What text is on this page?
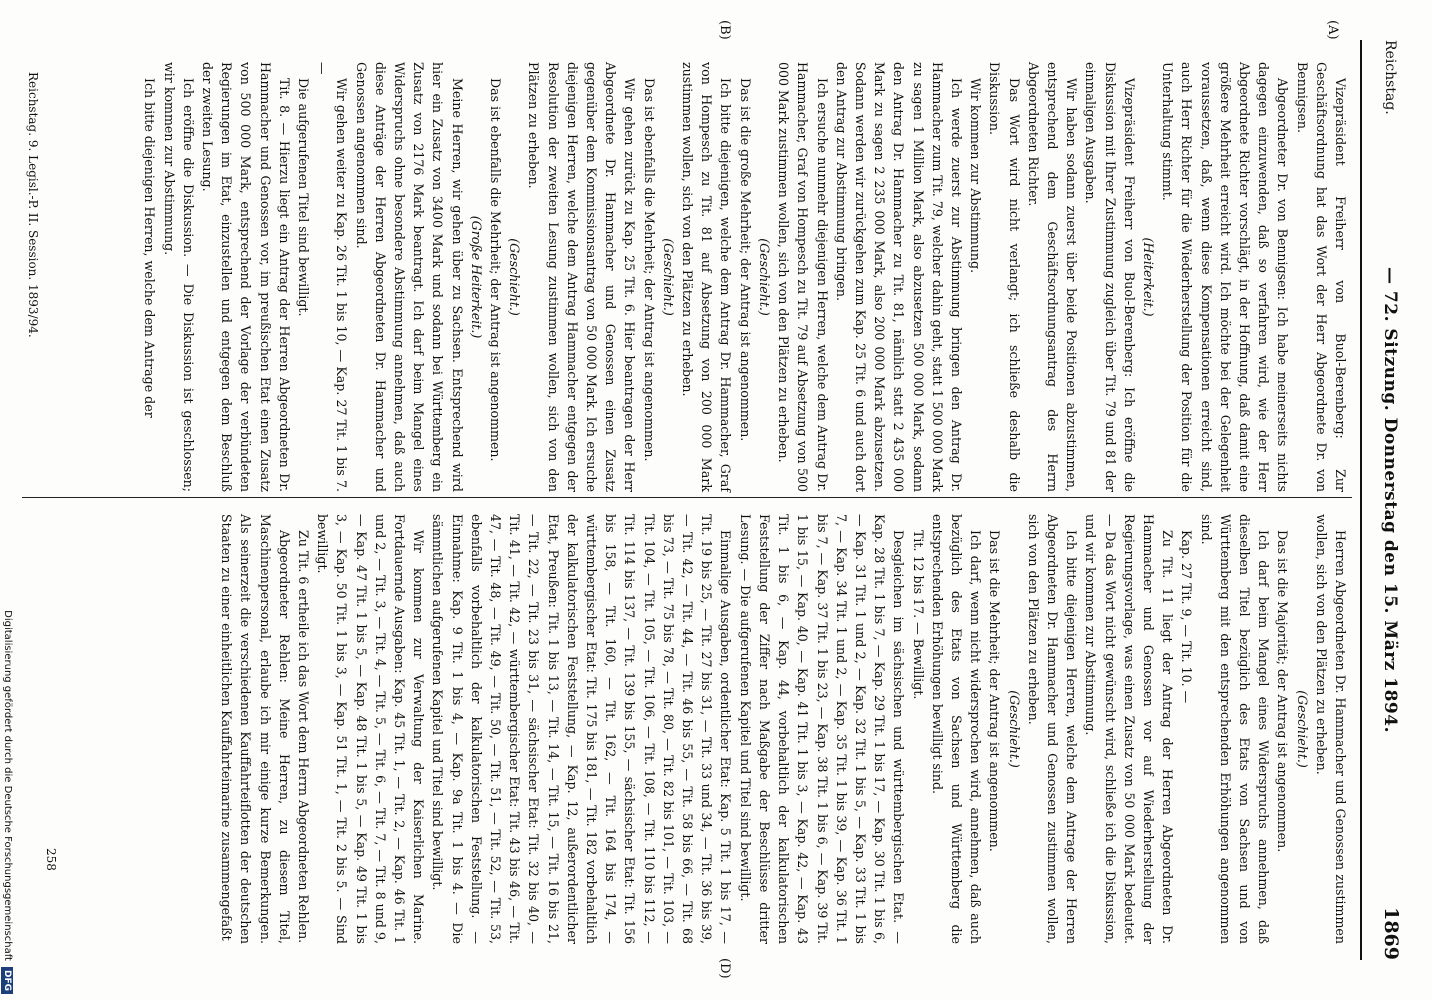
Reichstag.
— 72. Sitzung. Donnerstag den 15. März 1894.
1869
(A)
(B)
(D)

Vizepräsident Freiherr von Buol-Berenberg: Zur Geschäftsordnung hat das Wort der Herr Abgeordnete Dr. von Bennigsen.

Abgeordneter Dr. von Bennigsen: Ich habe meinerseits nichts dagegen einzuwenden, daß so verfahren wird, wie der Herr Abgeordnete Richter vorschlägt, in der Hoffnung, daß damit eine größere Mehrheit erreicht wird. Ich möchte bei der Gelegenheit voraussetzen, daß, wenn diese Kompensationen erreicht sind, auch Herr Richter für die Wiederherstellung der Position für die Unterhaltung stimmt.

(Heiterkeit.)

Vizepräsident Freiherr von Buol-Berenberg: Ich eröffne die Diskussion mit Ihrer Zustimmung zugleich über Tit. 79 und 81 der einmaligen Ausgaben.

Wir haben sodann zuerst über beide Positionen abzustimmen, entsprechend dem Geschäftsordnungsantrag des Herrn Abgeordneten Richter.

Das Wort wird nicht verlangt; ich schließe deshalb die Diskussion.

Wir kommen zur Abstimmung.

Ich werde zuerst zur Abstimmung bringen den Antrag Dr. Hammacher zum Tit. 79, welcher dahin geht, statt 1 500 000 Mark zu sagen 1 Million Mark, also abzusetzen 500 000 Mark, sodann den Antrag Dr. Hammacher zu Tit. 81, nämlich statt 2 435 000 Mark zu sagen 2 235 000 Mark, also 200 000 Mark abzusetzen. Sodann werden wir zurückgehen zum Kap. 25 Tit. 6 und auch dort den Antrag zur Abstimmung bringen.

Ich ersuche nunmehr diejenigen Herren, welche dem Antrag Dr. Hammacher, Graf von Hompesch zu Tit. 79 auf Absetzung von 500 000 Mark zustimmen wollen, sich von den Plätzen zu erheben.

(Geschieht.)

Das ist die große Mehrheit; der Antrag ist angenommen.

Ich bitte diejenigen, welche dem Antrag Dr. Hammacher, Graf von Hompesch zu Tit. 81 auf Absetzung von 200 000 Mark zustimmen wollen, sich von den Plätzen zu erheben.

(Geschieht.)

Das ist ebenfalls die Mehrheit; der Antrag ist angenommen.

Wir gehen zurück zu Kap. 25 Tit. 6. Hier beantragen der Herr Abgeordnete Dr. Hammacher und Genossen einen Zusatz gegenüber dem Kommissionsantrag von 50 000 Mark. Ich ersuche diejenigen Herren, welche dem Antrag Hammacher entgegen der Resolution der zweiten Lesung zustimmen wollen, sich von den Plätzen zu erheben.

(Geschieht.)

Das ist ebenfalls die Mehrheit; der Antrag ist angenommen.

(Große Heiterkeit.)

Meine Herren, wir gehen über zu Sachsen. Entsprechend wird hier ein Zusatz von 3400 Mark und sodann bei Württemberg ein Zusatz von 2176 Mark beantragt. Ich darf beim Mangel eines Widerspruchs ohne besondere Abstimmung annehmen, daß auch diese Anträge der Herren Abgeordneten Dr. Hammacher und Genossen angenommen sind.

Wir gehen weiter zu Kap. 26 Tit. 1 bis 10, — Kap. 27 Tit. 1 bis 7. —

Die aufgerufenen Titel sind bewilligt.

Tit. 8. — Hierzu liegt ein Antrag der Herren Abgeordneten Dr. Hammacher und Genossen vor, im preußischen Etat einen Zusatz von 500 000 Mark, entsprechend der Vorlage der verbündeten Regierungen im Etat, einzustellen und entgegen dem Beschluß der zweiten Lesung.

Ich eröffne die Diskussion. — Die Diskussion ist geschlossen; wir kommen zur Abstimmung.

Ich bitte diejenigen Herren, welche dem Antrage der

Herren Abgeordneten Dr. Hammacher und Genossen zustimmen wollen, sich von den Plätzen zu erheben.

(Geschieht.)

Das ist die Majorität; der Antrag ist angenommen.

Ich darf beim Mangel eines Widerspruchs annehmen, daß dieselben Titel bezüglich des Etats von Sachsen und von Württemberg mit den entsprechenden Erhöhungen angenommen sind.

Kap. 27 Tit. 9, — Tit. 10. —

Zu Tit. 11 liegt der Antrag der Herren Abgeordneten Dr. Hammacher und Genossen vor auf Wiederherstellung der Regierungsvorlage, was einen Zusatz von 50 000 Mark bedeutet. — Da das Wort nicht gewünscht wird, schließe ich die Diskussion, und wir kommen zur Abstimmung.

Ich bitte diejenigen Herren, welche dem Antrage der Herren Abgeordneten Dr. Hammacher und Genossen zustimmen wollen, sich von den Plätzen zu erheben.

(Geschieht.)

Das ist die Mehrheit; der Antrag ist angenommen.

Ich darf, wenn nicht widersprochen wird, annehmen, daß auch bezüglich des Etats von Sachsen und Württemberg die entsprechenden Erhöhungen bewilligt sind.

Tit. 12 bis 17. — Bewilligt.

Desgleichen im sächsischen und württembergischen Etat. — Kap. 28 Tit. 1 bis 7, — Kap. 29 Tit. 1 bis 17, — Kap. 30 Tit. 1 bis 6, — Kap. 31 Tit. 1 und 2, — Kap. 32 Tit. 1 bis 5, — Kap. 33 Tit. 1 bis 7, — Kap. 34 Tit. 1 und 2, — Kap. 35 Tit. 1 bis 39, — Kap. 36 Tit. 1 bis 7, — Kap. 37 Tit. 1 bis 23, — Kap. 38 Tit. 1 bis 6, — Kap. 39 Tit. 1 bis 15, — Kap. 40, — Kap. 41 Tit. 1 bis 3, — Kap. 42, — Kap. 43 Tit. 1 bis 6, — Kap. 44, vorbehaltlich der kalkulatorischen Feststellung der Ziffer nach Maßgabe der Beschlüsse dritter Lesung. — Die aufgerufenen Kapitel und Titel sind bewilligt.

Einmalige Ausgaben, ordentlicher Etat: Kap. 5 Tit. 1 bis 17, — Tit. 19 bis 25, — Tit. 27 bis 31, — Tit. 33 und 34, — Tit. 36 bis 39, — Tit. 42, — Tit. 44, — Tit. 46 bis 55, — Tit. 58 bis 66, — Tit. 68 bis 73, — Tit. 75 bis 78, — Tit. 80, — Tit. 82 bis 101, — Tit. 103, — Tit. 104, — Tit. 105, — Tit. 106, — Tit. 108, — Tit. 110 bis 112, — Tit. 114 bis 137, — Tit. 139 bis 155, — sächsischer Etat: Tit. 156 bis 158, — Tit. 160, — Tit. 162, — Tit. 164 bis 174, — württembergischer Etat: Tit. 175 bis 181, — Tit. 182 vorbehaltlich der kalkulatorischen Feststellung, — Kap. 12, außerordentlicher Etat, Preußen: Tit. 1 bis 13, — Tit. 14, — Tit. 15, — Tit. 16 bis 21, — Tit. 22, — Tit. 23 bis 31, — sächsischer Etat: Tit. 32 bis 40, — Tit. 41, — Tit. 42, — württembergischer Etat: Tit. 43 bis 46, — Tit. 47, — Tit. 48, — Tit. 49, — Tit. 50, — Tit. 51, — Tit. 52, — Tit. 53, ebenfalls vorbehaltlich der kalkulatorischen Feststellung. — Einnahme: Kap. 9 Tit. 1 bis 4, — Kap. 9a Tit. 1 bis 4. — Die sämmtlichen aufgerufenen Kapitel und Titel sind bewilligt.

Wir kommen zur Verwaltung der Kaiserlichen Marine. Fortdauernde Ausgaben: Kap. 45 Tit. 1, — Tit. 2, — Kap. 46 Tit. 1 und 2, — Tit. 3, — Tit. 4, — Tit. 5, — Tit. 6, — Tit. 7, — Tit. 8 und 9, — Kap. 47 Tit. 1 bis 5, — Kap. 48 Tit. 1 bis 5, — Kap. 49 Tit. 1 bis 3, — Kap. 50 Tit. 1 bis 3, — Kap. 51 Tit. 1, — Tit. 2 bis 5. — Sind bewilligt.

Zu Tit. 6 ertheile ich das Wort dem Herrn Abgeordneten Rehlen.

Abgeordneter Rehlen: Meine Herren, zu diesem Titel, Maschinenpersonal, erlaube ich mir einige kurze Bemerkungen. Als seinerzeit die verschiedenen Kauffahrteiflotten der deutschen Staaten zu einer einheitlichen Kauffahrteimarine zusammengefaßt

Reichstag. 9. Legisl.-P. II. Session. 1893/94.
258
Digitalisierung gefördert durch die Deutsche Forschungsgemeinschaft
DFG
